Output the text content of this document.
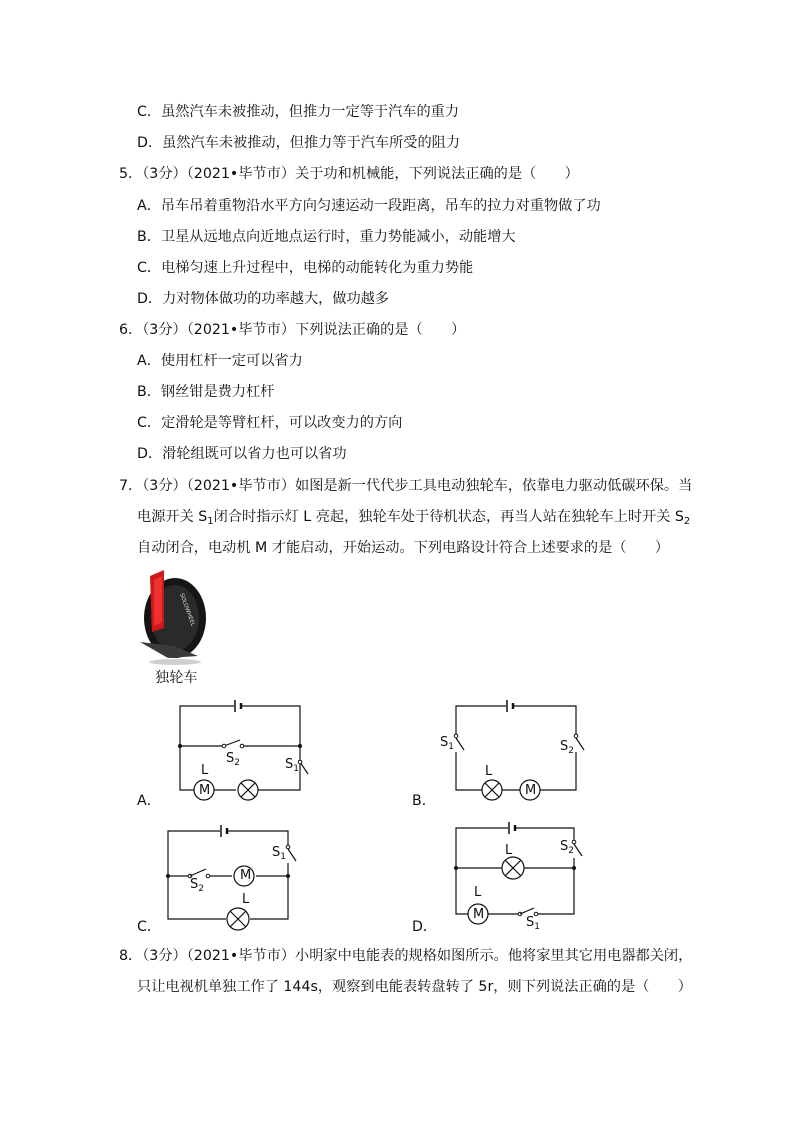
C．虽然汽车未被推动，但推力一定等于汽车的重力
D．虽然汽车未被推动，但推力等于汽车所受的阻力
5．（3分）（2021•毕节市）关于功和机械能，下列说法正确的是（　　）
A．吊车吊着重物沿水平方向匀速运动一段距离，吊车的拉力对重物做了功
B．卫星从远地点向近地点运行时，重力势能减小，动能增大
C．电梯匀速上升过程中，电梯的动能转化为重力势能
D．力对物体做功的功率越大，做功越多
6．（3分）（2021•毕节市）下列说法正确的是（　　）
A．使用杠杆一定可以省力
B．钢丝钳是费力杠杆
C．定滑轮是等臂杠杆，可以改变力的方向
D．滑轮组既可以省力也可以省功
7．（3分）（2021•毕节市）如图是新一代代步工具电动独轮车，依靠电力驱动低碳环保。当
电源开关 $S_1$闭合时指示灯 L 亮起，独轮车处于待机状态，再当人站在独轮车上时开关 $S_2$
自动闭合，电动机 M 才能启动，开始运动。下列电路设计符合上述要求的是（　　）
SOLOWHEEL
独轮车
M
L
$S_2$	$S_1$
A．
$S_1$	$S_2$
L
M
B．
$S_1$
M
$S_2$
L
C．
L	$S_2$
L
M
$S_1$
D．
8．（3分）（2021•毕节市）小明家中电能表的规格如图所示。他将家里其它用电器都关闭，
只让电视机单独工作了 144s，观察到电能表转盘转了 5r，则下列说法正确的是（　　）
